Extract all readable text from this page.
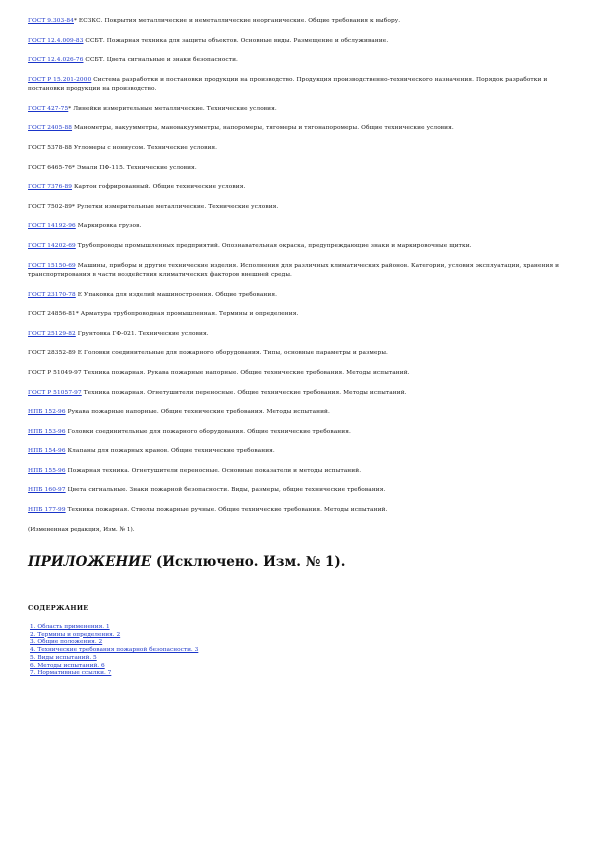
ГОСТ 9.303-84* ЕСЗКС. Покрытия металлические и неметаллические неорганические. Общие требования к выбору.

ГОСТ 12.4.009-83 ССБТ. Пожарная техника для защиты объектов. Основные виды. Размещение и обслуживание.

ГОСТ 12.4.026-76 ССБТ. Цвета сигнальные и знаки безопасности.

ГОСТ Р 15.201-2000 Система разработки и постановки продукции на производство. Продукция производственно-технического назначения. Порядок разработки и постановки продукции на производство.

ГОСТ 427-75* Линейки измерительные металлические. Технические условия.

ГОСТ 2405-88 Манометры, вакуумметры, мановакуумметры, напоромеры, тягомеры и тягонапоромеры. Общие технические условия.

ГОСТ 5378-88 Угломеры с нониусом. Технические условия.

ГОСТ 6465-76* Эмали ПФ-115. Технические условия.

ГОСТ 7376-89 Картон гофрированный. Общие технические условия.

ГОСТ 7502-89* Рулетки измерительные металлические. Технические условия.

ГОСТ 14192-96 Маркировка грузов.

ГОСТ 14202-69 Трубопроводы промышленных предприятий. Опознавательная окраска, предупреждающие знаки и маркировочные щитки.

ГОСТ 15150-69 Машины, приборы и другие технические изделия. Исполнения для различных климатических районов. Категории, условия эксплуатации, хранения и транспортирования в части воздействия климатических факторов внешней среды.

ГОСТ 23170-78 Е Упаковка для изделий машиностроения. Общие требования.

ГОСТ 24856-81* Арматура трубопроводная промышленная. Термины и определения.

ГОСТ 25129-82 Грунтовка ГФ-021. Технические условия.

ГОСТ 28352-89 Е Головки соединительные для пожарного оборудования. Типы, основные параметры и размеры.

ГОСТ Р 51049-97 Техника пожарная. Рукава пожарные напорные. Общие технические требования. Методы испытаний.

ГОСТ Р 51057-97 Техника пожарная. Огнетушители переносные. Общие технические требования. Методы испытаний.

НПБ 152-96 Рукава пожарные напорные. Общие технические требования. Методы испытаний.

НПБ 153-96 Головки соединительные для пожарного оборудования. Общие технические требования.

НПБ 154-96 Клапаны для пожарных кранов. Общие технические требования.

НПБ 155-96 Пожарная техника. Огнетушители переносные. Основные показатели и методы испытаний.

НПБ 160-97 Цвета сигнальные. Знаки пожарной безопасности. Виды, размеры, общие технические требования.

НПБ 177-99 Техника пожарная. Стволы пожарные ручные. Общие технические требования. Методы испытаний.

(Измененная редакция, Изм. № 1).

ПРИЛОЖЕНИЕ (Исключено. Изм. № 1).
СОДЕРЖАНИЕ
1. Область применения. 1
2. Термины и определения. 2
3. Общие положения. 2
4. Технические требования пожарной безопасности. 3
5. Виды испытаний. 5
6. Методы испытаний. 6
7. Нормативные ссылки. 7
